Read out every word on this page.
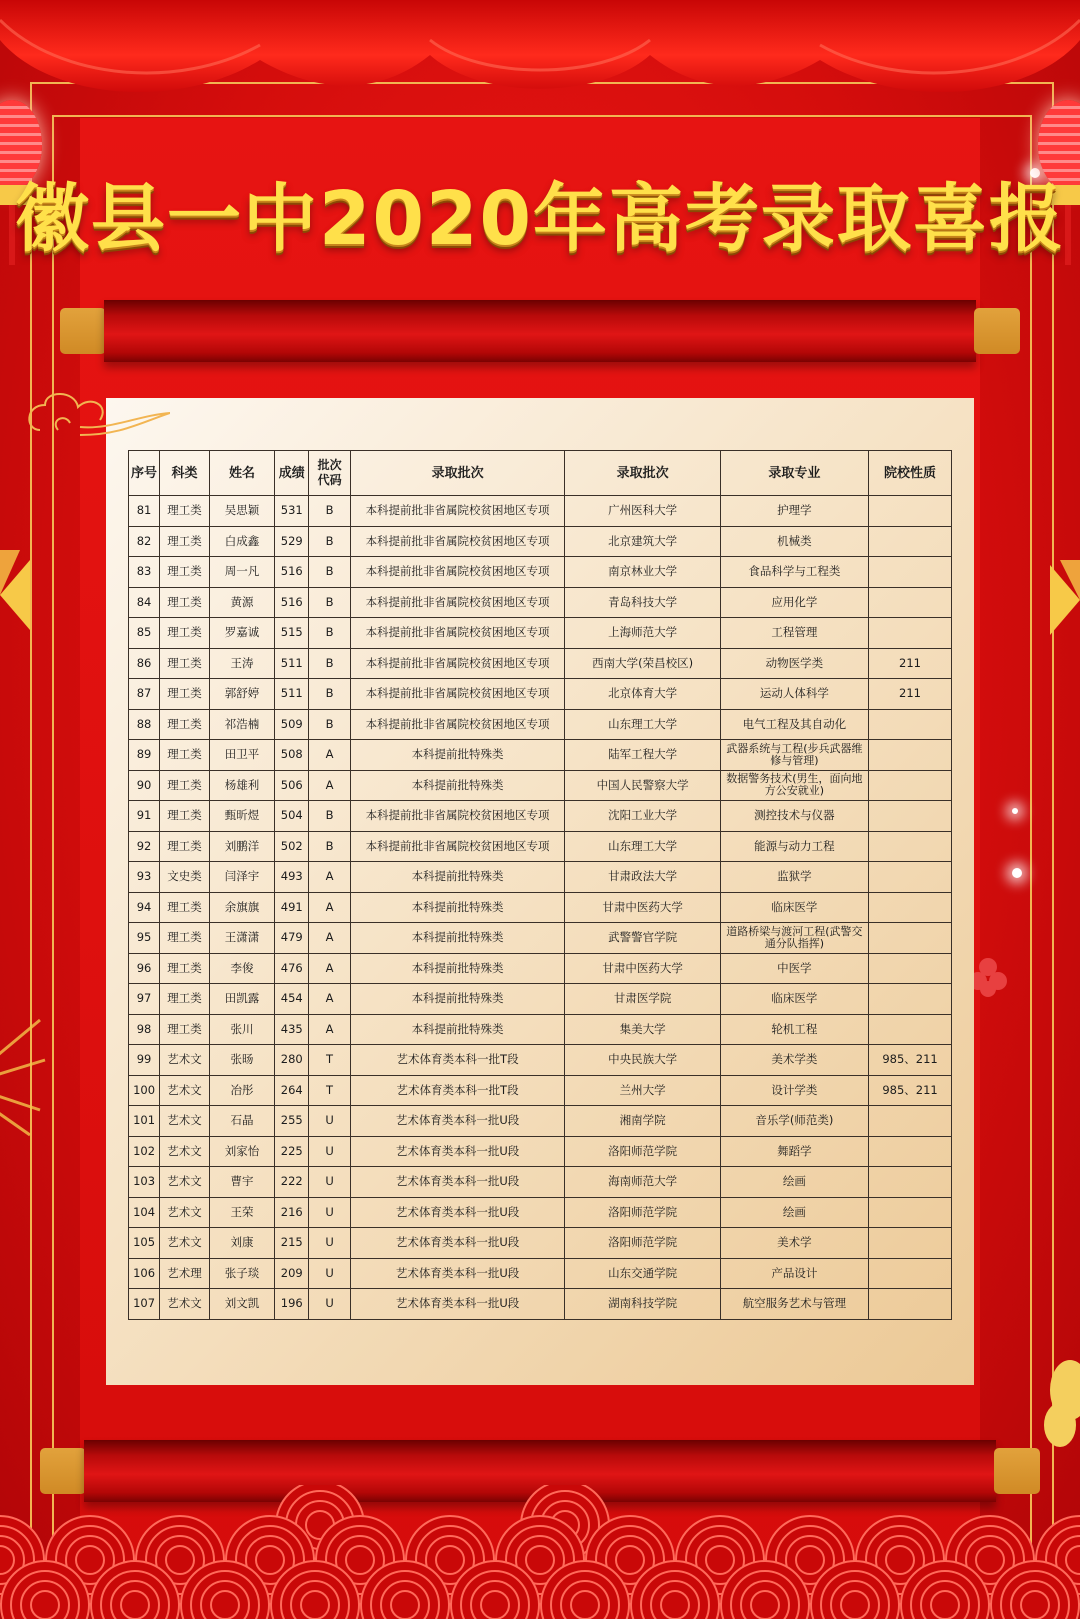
徽县一中2020年高考录取喜报
序号	科类	姓名	成绩	批次代码	录取批次	录取批次	录取专业	院校性质
81	理工类	吴思颖	531	B	本科提前批非省属院校贫困地区专项	广州医科大学	护理学	
82	理工类	白成鑫	529	B	本科提前批非省属院校贫困地区专项	北京建筑大学	机械类	
83	理工类	周一凡	516	B	本科提前批非省属院校贫困地区专项	南京林业大学	食品科学与工程类	
84	理工类	黄源	516	B	本科提前批非省属院校贫困地区专项	青岛科技大学	应用化学	
85	理工类	罗嘉诚	515	B	本科提前批非省属院校贫困地区专项	上海师范大学	工程管理	
86	理工类	王涛	511	B	本科提前批非省属院校贫困地区专项	西南大学(荣昌校区)	动物医学类	211
87	理工类	郭舒婷	511	B	本科提前批非省属院校贫困地区专项	北京体育大学	运动人体科学	211
88	理工类	祁浩楠	509	B	本科提前批非省属院校贫困地区专项	山东理工大学	电气工程及其自动化	
89	理工类	田卫平	508	A	本科提前批特殊类	陆军工程大学	武器系统与工程(步兵武器维修与管理)	
90	理工类	杨雄利	506	A	本科提前批特殊类	中国人民警察大学	数据警务技术(男生，面向地方公安就业)	
91	理工类	甄昕煜	504	B	本科提前批非省属院校贫困地区专项	沈阳工业大学	测控技术与仪器	
92	理工类	刘鹏洋	502	B	本科提前批非省属院校贫困地区专项	山东理工大学	能源与动力工程	
93	文史类	闫泽宇	493	A	本科提前批特殊类	甘肃政法大学	监狱学	
94	理工类	余旗旗	491	A	本科提前批特殊类	甘肃中医药大学	临床医学	
95	理工类	王潇潇	479	A	本科提前批特殊类	武警警官学院	道路桥梁与渡河工程(武警交通分队指挥)	
96	理工类	李俊	476	A	本科提前批特殊类	甘肃中医药大学	中医学	
97	理工类	田凯露	454	A	本科提前批特殊类	甘肃医学院	临床医学	
98	理工类	张川	435	A	本科提前批特殊类	集美大学	轮机工程	
99	艺术文	张旸	280	T	艺术体育类本科一批T段	中央民族大学	美术学类	985、211
100	艺术文	冶彤	264	T	艺术体育类本科一批T段	兰州大学	设计学类	985、211
101	艺术文	石晶	255	U	艺术体育类本科一批U段	湘南学院	音乐学(师范类)	
102	艺术文	刘家怡	225	U	艺术体育类本科一批U段	洛阳师范学院	舞蹈学	
103	艺术文	曹宇	222	U	艺术体育类本科一批U段	海南师范大学	绘画	
104	艺术文	王荣	216	U	艺术体育类本科一批U段	洛阳师范学院	绘画	
105	艺术文	刘康	215	U	艺术体育类本科一批U段	洛阳师范学院	美术学	
106	艺术理	张子琰	209	U	艺术体育类本科一批U段	山东交通学院	产品设计	
107	艺术文	刘文凯	196	U	艺术体育类本科一批U段	湖南科技学院	航空服务艺术与管理	
